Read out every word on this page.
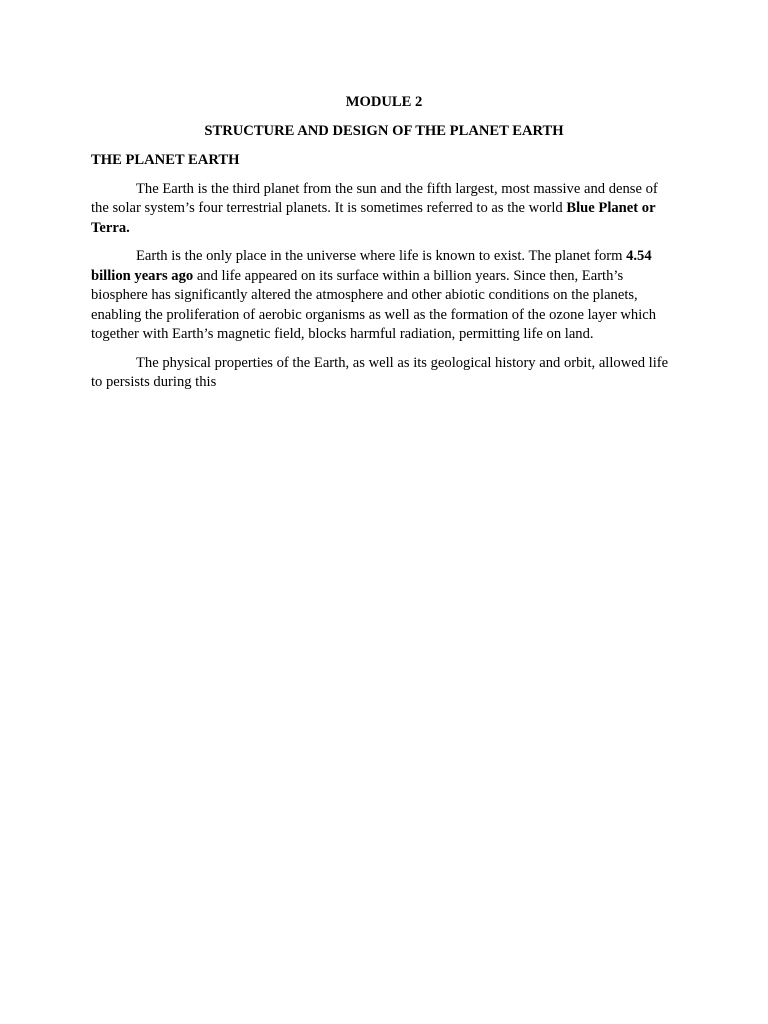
MODULE 2

STRUCTURE AND DESIGN OF THE PLANET EARTH

THE PLANET EARTH

The Earth is the third planet from the sun and the fifth largest, most massive and dense of the solar system’s four terrestrial planets. It is sometimes referred to as the world Blue Planet or Terra.

Earth is the only place in the universe where life is known to exist. The planet form 4.54 billion years ago and life appeared on its surface within a billion years. Since then, Earth’s biosphere has significantly altered the atmosphere and other abiotic conditions on the planets, enabling the proliferation of aerobic organisms as well as the formation of the ozone layer which together with Earth’s magnetic field, blocks harmful radiation, permitting life on land.

The physical properties of the Earth, as well as its geological history and orbit, allowed life to persists during this
